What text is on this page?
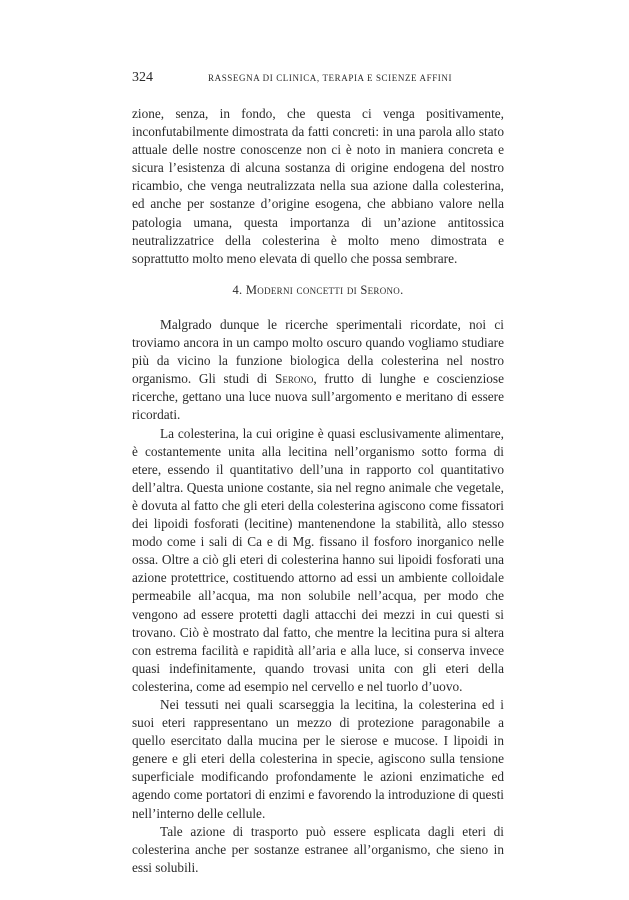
324	RASSEGNA DI CLINICA, TERAPIA E SCIENZE AFFINI

zione, senza, in fondo, che questa ci venga positivamente, inconfutabilmente dimostrata da fatti concreti: in una parola allo stato attuale delle nostre conoscenze non ci è noto in maniera concreta e sicura l’esistenza di alcuna sostanza di origine endogena del nostro ricambio, che venga neutralizzata nella sua azione dalla colesterina, ed anche per sostanze d’origine esogena, che abbiano valore nella patologia umana, questa importanza di un’azione antitossica neutralizzatrice della colesterina è molto meno dimostrata e soprattutto molto meno elevata di quello che possa sembrare.

4. Moderni concetti di Serono.

Malgrado dunque le ricerche sperimentali ricordate, noi ci troviamo ancora in un campo molto oscuro quando vogliamo studiare più da vicino la funzione biologica della colesterina nel nostro organismo. Gli studi di Serono, frutto di lunghe e coscienziose ricerche, gettano una luce nuova sull’argomento e meritano di essere ricordati.

La colesterina, la cui origine è quasi esclusivamente alimentare, è costantemente unita alla lecitina nell’organismo sotto forma di etere, essendo il quantitativo dell’una in rapporto col quantitativo dell’altra. Questa unione costante, sia nel regno animale che vegetale, è dovuta al fatto che gli eteri della colesterina agiscono come fissatori dei lipoidi fosforati (lecitine) mantenendone la stabilità, allo stesso modo come i sali di Ca e di Mg. fissano il fosforo inorganico nelle ossa. Oltre a ciò gli eteri di colesterina hanno sui lipoidi fosforati una azione protettrice, costituendo attorno ad essi un ambiente colloidale permeabile all’acqua, ma non solubile nell’acqua, per modo che vengono ad essere protetti dagli attacchi dei mezzi in cui questi si trovano. Ciò è mostrato dal fatto, che mentre la lecitina pura si altera con estrema facilità e rapidità all’aria e alla luce, si conserva invece quasi indefinitamente, quando trovasi unita con gli eteri della colesterina, come ad esempio nel cervello e nel tuorlo d’uovo.

Nei tessuti nei quali scarseggia la lecitina, la colesterina ed i suoi eteri rappresentano un mezzo di protezione paragonabile a quello esercitato dalla mucina per le sierose e mucose. I lipoidi in genere e gli eteri della colesterina in specie, agiscono sulla tensione superficiale modificando profondamente le azioni enzimatiche ed agendo come portatori di enzimi e favorendo la introduzione di questi nell’interno delle cellule.

Tale azione di trasporto può essere esplicata dagli eteri di colesterina anche per sostanze estranee all’organismo, che sieno in essi solubili.
